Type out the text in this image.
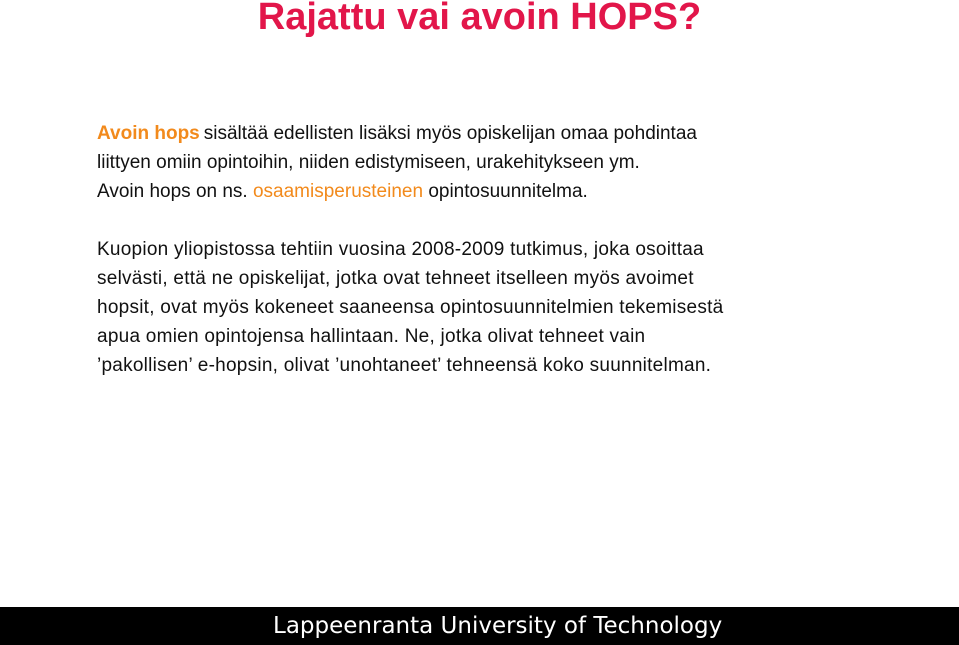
Rajattu vai avoin HOPS?
Avoin hops sisältää edellisten lisäksi myös opiskelijan omaa pohdintaa
liittyen omiin opintoihin, niiden edistymiseen, urakehitykseen ym.
Avoin hops on ns. osaamisperusteinen opintosuunnitelma.
Kuopion yliopistossa tehtiin vuosina 2008-2009 tutkimus, joka osoittaa
selvästi, että ne opiskelijat, jotka ovat tehneet itselleen myös avoimet
hopsit, ovat myös kokeneet saaneensa opintosuunnitelmien tekemisestä
apua omien opintojensa hallintaan. Ne, jotka olivat tehneet vain
’pakollisen’ e-hopsin, olivat ’unohtaneet’ tehneensä koko suunnitelman.
Lappeenranta University of Technology
